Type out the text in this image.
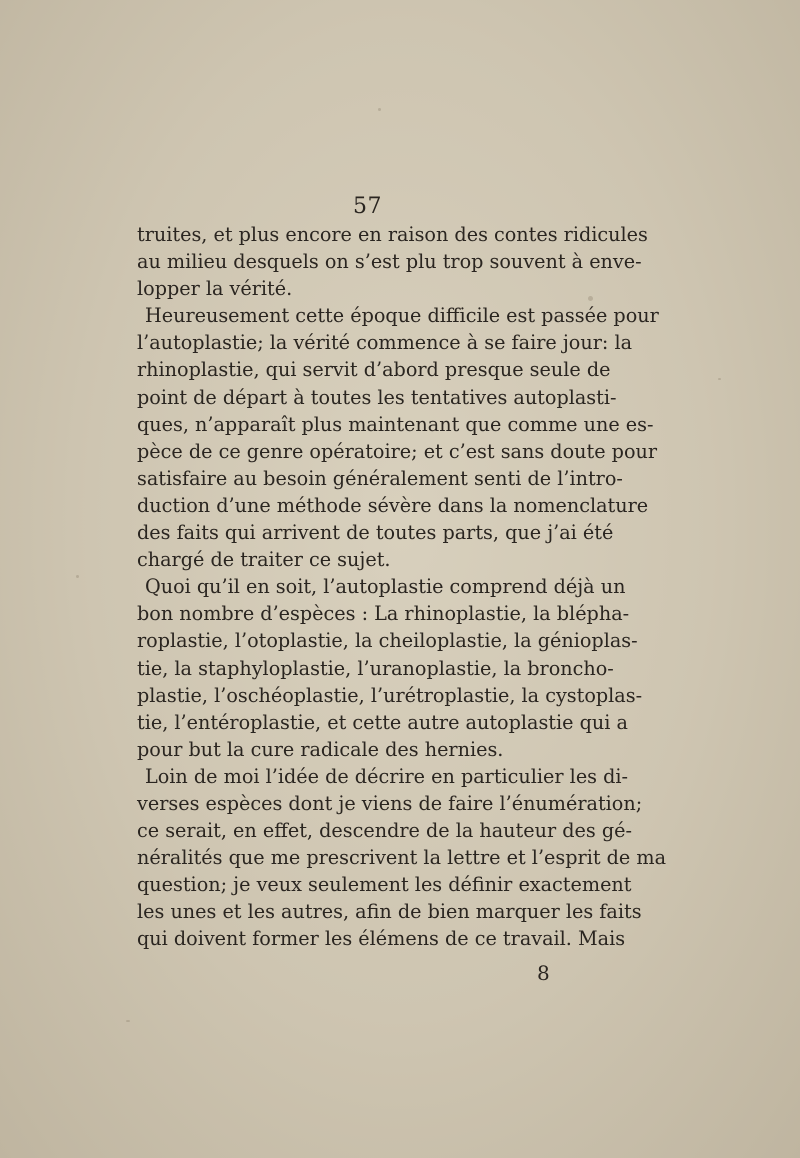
57
truites, et plus encore en raison des contes ridicules
au milieu desquels on s’est plu trop souvent à enve-
lopper la vérité.
Heureusement cette époque difficile est passée pour
l’autoplastie; la vérité commence à se faire jour: la
rhinoplastie, qui servit d’abord presque seule de
point de départ à toutes les tentatives autoplasti-
ques, n’apparaît plus maintenant que comme une es-
pèce de ce genre opératoire; et c’est sans doute pour
satisfaire au besoin généralement senti de l’intro-
duction d’une méthode sévère dans la nomenclature
des faits qui arrivent de toutes parts, que j’ai été
chargé de traiter ce sujet.
Quoi qu’il en soit, l’autoplastie comprend déjà un
bon nombre d’espèces : La rhinoplastie, la blépha-
roplastie, l’otoplastie, la cheiloplastie, la génioplas-
tie, la staphyloplastie, l’uranoplastie, la broncho-
plastie, l’oschéoplastie, l’urétroplastie, la cystoplas-
tie, l’entéroplastie, et cette autre autoplastie qui a
pour but la cure radicale des hernies.
Loin de moi l’idée de décrire en particulier les di-
verses espèces dont je viens de faire l’énumération;
ce serait, en effet, descendre de la hauteur des gé-
néralités que me prescrivent la lettre et l’esprit de ma
question; je veux seulement les définir exactement
les unes et les autres, afin de bien marquer les faits
qui doivent former les élémens de ce travail. Mais
8
